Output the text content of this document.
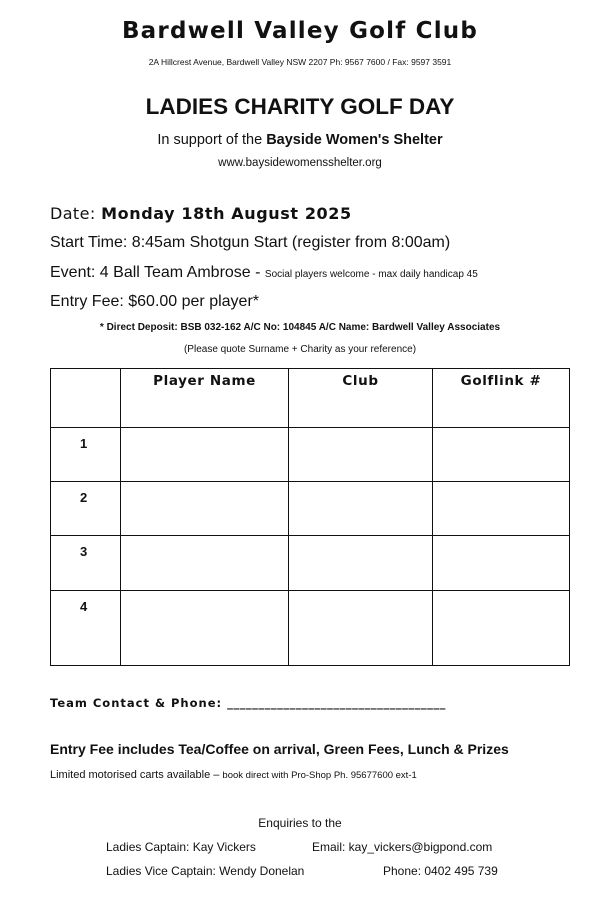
Bardwell Valley Golf Club
2A Hillcrest Avenue, Bardwell Valley NSW 2207 Ph: 9567 7600 / Fax: 9597 3591
LADIES CHARITY GOLF DAY
In support of the Bayside Women's Shelter
www.baysidewomensshelter.org
Date: Monday 18th August 2025
Start Time: 8:45am Shotgun Start (register from 8:00am)
Event: 4 Ball Team Ambrose - Social players welcome - max daily handicap 45
Entry Fee: $60.00 per player*
* Direct Deposit: BSB 032-162 A/C No: 104845 A/C Name: Bardwell Valley Associates
(Please quote Surname + Charity as your reference)
	Player Name	Club	Golflink #
1			
2			
3			
4			
Team Contact & Phone: ___________________________________
Entry Fee includes Tea/Coffee on arrival, Green Fees, Lunch & Prizes
Limited motorised carts available – book direct with Pro-Shop Ph. 95677600 ext-1
Enquiries to the
Ladies Captain: Kay Vickers	Email: kay_vickers@bigpond.com
Ladies Vice Captain: Wendy Donelan	Phone: 0402 495 739
